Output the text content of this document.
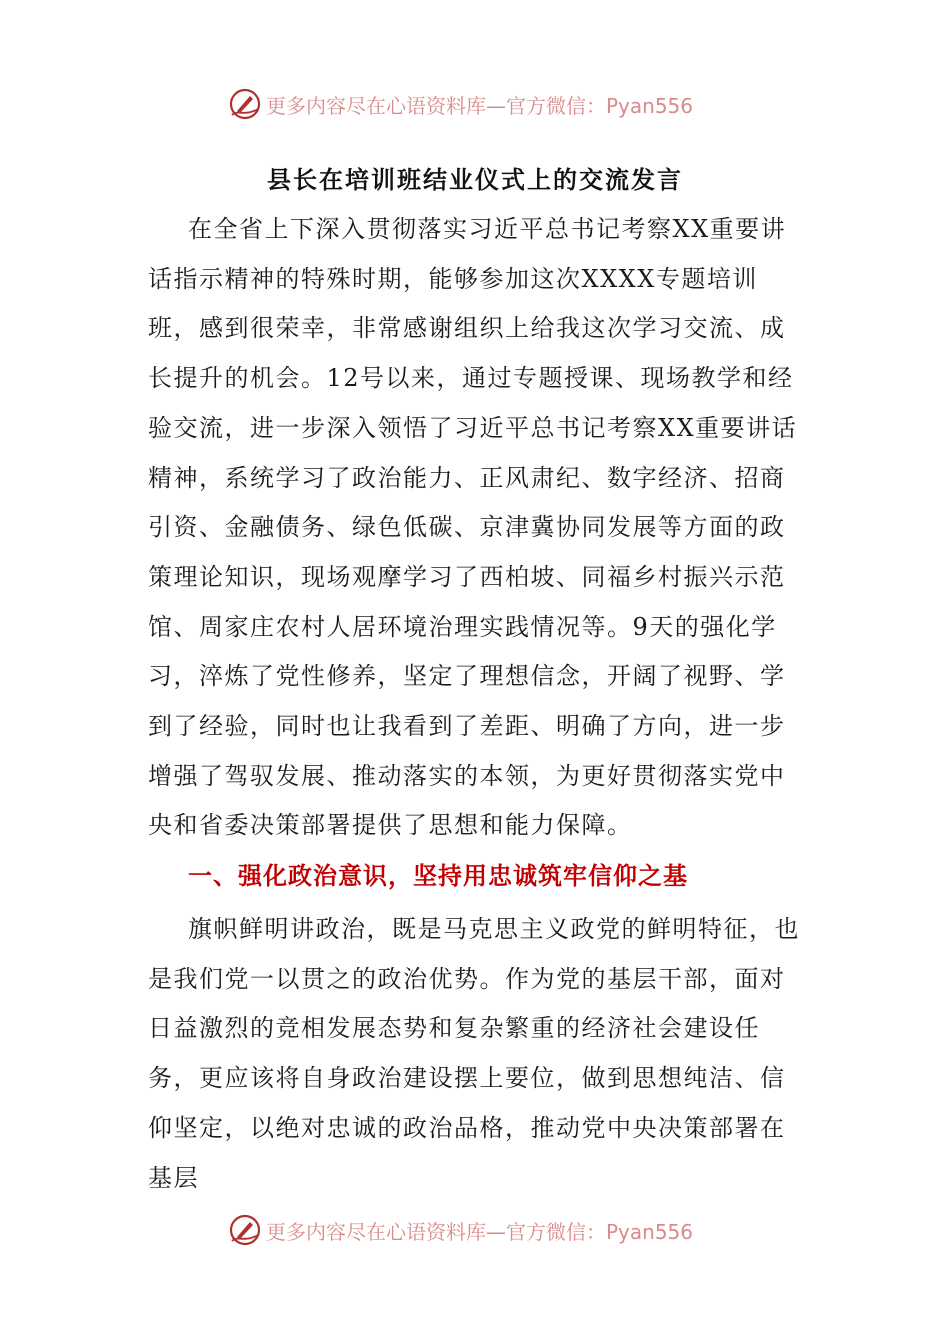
更多内容尽在心语资料库—官方微信：Pyan556
县长在培训班结业仪式上的交流发言

在全省上下深入贯彻落实习近平总书记考察XX重要讲话指示精神的特殊时期，能够参加这次XXXX专题培训班，感到很荣幸，非常感谢组织上给我这次学习交流、成长提升的机会。12号以来，通过专题授课、现场教学和经验交流，进一步深入领悟了习近平总书记考察XX重要讲话精神，系统学习了政治能力、正风肃纪、数字经济、招商引资、金融债务、绿色低碳、京津冀协同发展等方面的政策理论知识，现场观摩学习了西柏坡、同福乡村振兴示范馆、周家庄农村人居环境治理实践情况等。9天的强化学习，淬炼了党性修养，坚定了理想信念，开阔了视野、学到了经验，同时也让我看到了差距、明确了方向，进一步增强了驾驭发展、推动落实的本领，为更好贯彻落实党中央和省委决策部署提供了思想和能力保障。

一、强化政治意识，坚持用忠诚筑牢信仰之基

旗帜鲜明讲政治，既是马克思主义政党的鲜明特征，也是我们党一以贯之的政治优势。作为党的基层干部，面对日益激烈的竞相发展态势和复杂繁重的经济社会建设任务，更应该将自身政治建设摆上要位，做到思想纯洁、信仰坚定，以绝对忠诚的政治品格，推动党中央决策部署在基层

更多内容尽在心语资料库—官方微信：Pyan556
